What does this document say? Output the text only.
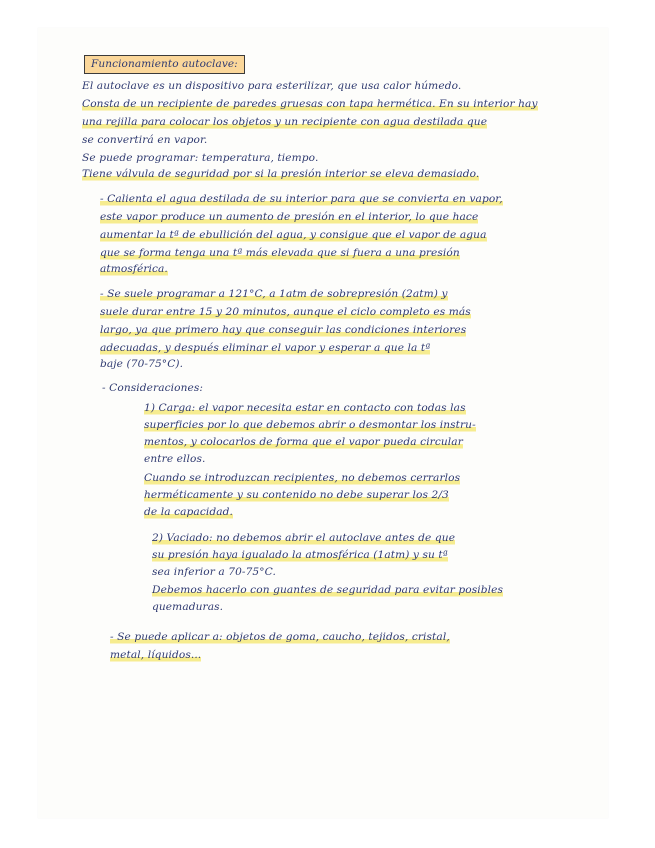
Funcionamiento autoclave:
El autoclave es un dispositivo para esterilizar, que usa calor húmedo.
Consta de un recipiente de paredes gruesas con tapa hermética. En su interior hay
una rejilla para colocar los objetos y un recipiente con agua destilada que
se convertirá en vapor.
Se puede programar: temperatura, tiempo.
Tiene válvula de seguridad por si la presión interior se eleva demasiado.
- Calienta el agua destilada de su interior para que se convierta en vapor,
este vapor produce un aumento de presión en el interior, lo que hace
aumentar la tª de ebullición del agua, y consigue que el vapor de agua
que se forma tenga una tª más elevada que si fuera a una presión
atmosférica.
- Se suele programar a 121°C, a 1atm de sobrepresión (2atm) y
suele durar entre 15 y 20 minutos, aunque el ciclo completo es más
largo, ya que primero hay que conseguir las condiciones interiores
adecuadas, y después eliminar el vapor y esperar a que la tª
baje (70-75°C).
- Consideraciones:
1) Carga: el vapor necesita estar en contacto con todas las
superficies por lo que debemos abrir o desmontar los instru-
mentos, y colocarlos de forma que el vapor pueda circular
entre ellos.
Cuando se introduzcan recipientes, no debemos cerrarlos
herméticamente y su contenido no debe superar los 2/3
de la capacidad.
2) Vaciado: no debemos abrir el autoclave antes de que
su presión haya igualado la atmosférica (1atm) y su tª
sea inferior a 70-75°C.
Debemos hacerlo con guantes de seguridad para evitar posibles
quemaduras.
- Se puede aplicar a: objetos de goma, caucho, tejidos, cristal,
metal, líquidos...
